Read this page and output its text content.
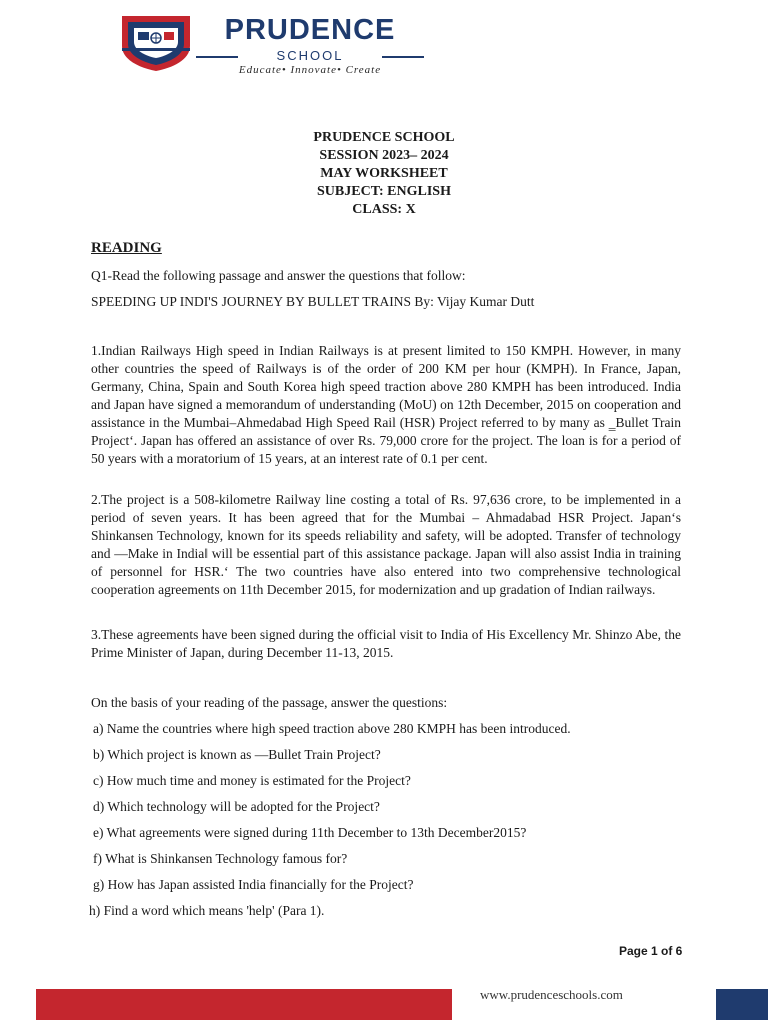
PRUDENCE
SCHOOL
Educate• Innovate• Create
PRUDENCE SCHOOL
SESSION 2023– 2024
MAY WORKSHEET
SUBJECT: ENGLISH
CLASS: X
READING
Q1-Read the following passage and answer the questions that follow:
SPEEDING UP INDI'S JOURNEY BY BULLET TRAINS By: Vijay Kumar Dutt
1.Indian Railways High speed in Indian Railways is at present limited to 150 KMPH. However, in many other countries the speed of Railways is of the order of 200 KM per hour (KMPH). In France, Japan, Germany, China, Spain and South Korea high speed traction above 280 KMPH has been introduced. India and Japan have signed a memorandum of understanding (MoU) on 12th December, 2015 on cooperation and assistance in the Mumbai–Ahmedabad High Speed Rail (HSR) Project referred to by many as ‗Bullet Train Project‘. Japan has offered an assistance of over Rs. 79,000 crore for the project. The loan is for a period of 50 years with a moratorium of 15 years, at an interest rate of 0.1 per cent.
2.The project is a 508-kilometre Railway line costing a total of Rs. 97,636 crore, to be implemented in a period of seven years. It has been agreed that for the Mumbai – Ahmadabad HSR Project. Japan‘s Shinkansen Technology, known for its speeds reliability and safety, will be adopted. Transfer of technology and —Make in India‖ will be essential part of this assistance package. Japan will also assist India in training of personnel for HSR.‘ The two countries have also entered into two comprehensive technological cooperation agreements on 11th December 2015, for modernization and up gradation of Indian railways.
3.These agreements have been signed during the official visit to India of His Excellency Mr. Shinzo Abe, the Prime Minister of Japan, during December 11-13, 2015.
On the basis of your reading of the passage, answer the questions:
a) Name the countries where high speed traction above 280 KMPH has been introduced.
b) Which project is known as —Bullet Train Project?
c) How much time and money is estimated for the Project?
d) Which technology will be adopted for the Project?
e) What agreements were signed during 11th December to 13th December2015?
f) What is Shinkansen Technology famous for?
g) How has Japan assisted India financially for the Project?
h) Find a word which means 'help' (Para 1).
Page 1 of 6
www.prudenceschools.com
